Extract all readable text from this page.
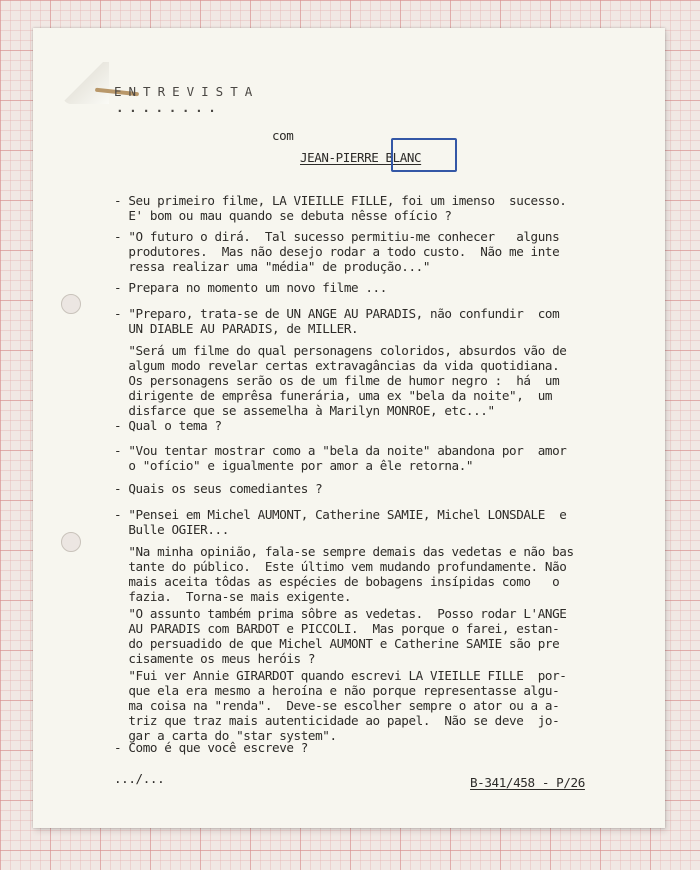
ENTREVISTA

........

com

JEAN-PIERRE BLANC

- Seu primeiro filme, LA VIEILLE FILLE, foi um imenso  sucesso.
E' bom ou mau quando se debuta nêsse ofício ?

- "O futuro o dirá.  Tal sucesso permitiu-me conhecer   alguns
produtores.  Mas não desejo rodar a todo custo.  Não me inte
ressa realizar uma "média" de produção..."

- Prepara no momento um novo filme ...

- "Preparo, trata-se de UN ANGE AU PARADIS, não confundir  com
UN DIABLE AU PARADIS, de MILLER.

"Será um filme do qual personagens coloridos, absurdos vão de
algum modo revelar certas extravagâncias da vida quotidiana.
Os personagens serão os de um filme de humor negro :  há  um
dirigente de emprêsa funerária, uma ex "bela da noite",  um
disfarce que se assemelha à Marilyn MONROE, etc..."

- Qual o tema ?

- "Vou tentar mostrar como a "bela da noite" abandona por  amor
o "ofício" e igualmente por amor a êle retorna."

- Quais os seus comediantes ?

- "Pensei em Michel AUMONT, Catherine SAMIE, Michel LONSDALE  e
Bulle OGIER...

"Na minha opinião, fala-se sempre demais das vedetas e não bas
tante do público.  Este último vem mudando profundamente. Não
mais aceita tôdas as espécies de bobagens insípidas como   o
fazia.  Torna-se mais exigente.

"O assunto também prima sôbre as vedetas.  Posso rodar L'ANGE
AU PARADIS com BARDOT e PICCOLI.  Mas porque o farei, estan-
do persuadido de que Michel AUMONT e Catherine SAMIE são pre
cisamente os meus heróis ?

"Fui ver Annie GIRARDOT quando escrevi LA VIEILLE FILLE  por-
que ela era mesmo a heroína e não porque representasse algu-
ma coisa na "renda".  Deve-se escolher sempre o ator ou a a-
triz que traz mais autenticidade ao papel.  Não se deve  jo-
gar a carta do "star system".

- Como é que você escreve ?

.../...	B-341/458 - P/26
